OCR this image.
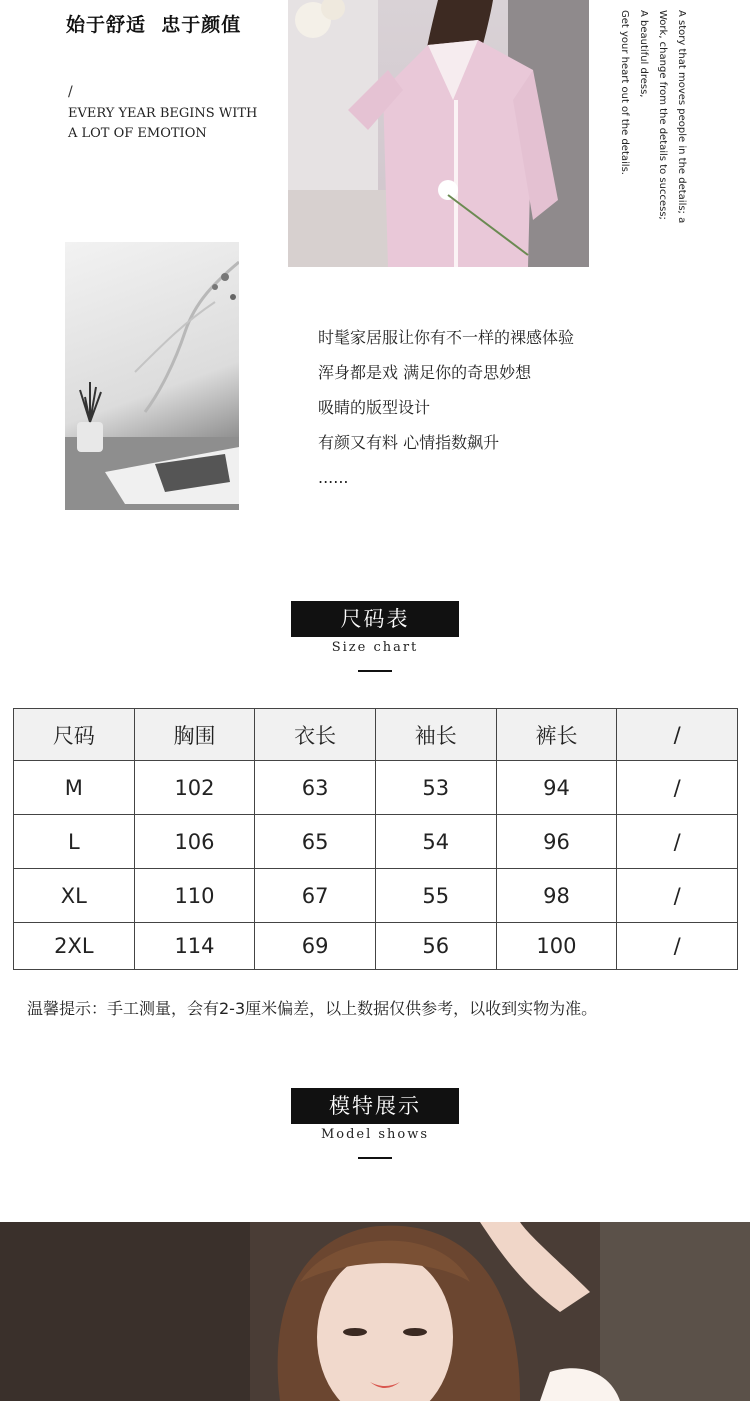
始于舒适  忠于颜值
/
EVERY YEAR BEGINS WITH
A LOT OF EMOTION	A story that moves people in the details; a
Work, change from the details to success;
A beautiful dress,
Get your heart out of the details.
时髦家居服让你有不一样的裸感体验
浑身都是戏 满足你的奇思妙想
吸睛的版型设计
有颜又有料 心情指数飙升
......
尺码表
Size chart
尺码	胸围	衣长	袖长	裤长	/
M	102	63	53	94	/
L	106	65	54	96	/
XL	110	67	55	98	/
2XL	114	69	56	100	/
温馨提示：手工测量，会有2-3厘米偏差，以上数据仅供参考，以收到实物为准。
模特展示
Model shows
